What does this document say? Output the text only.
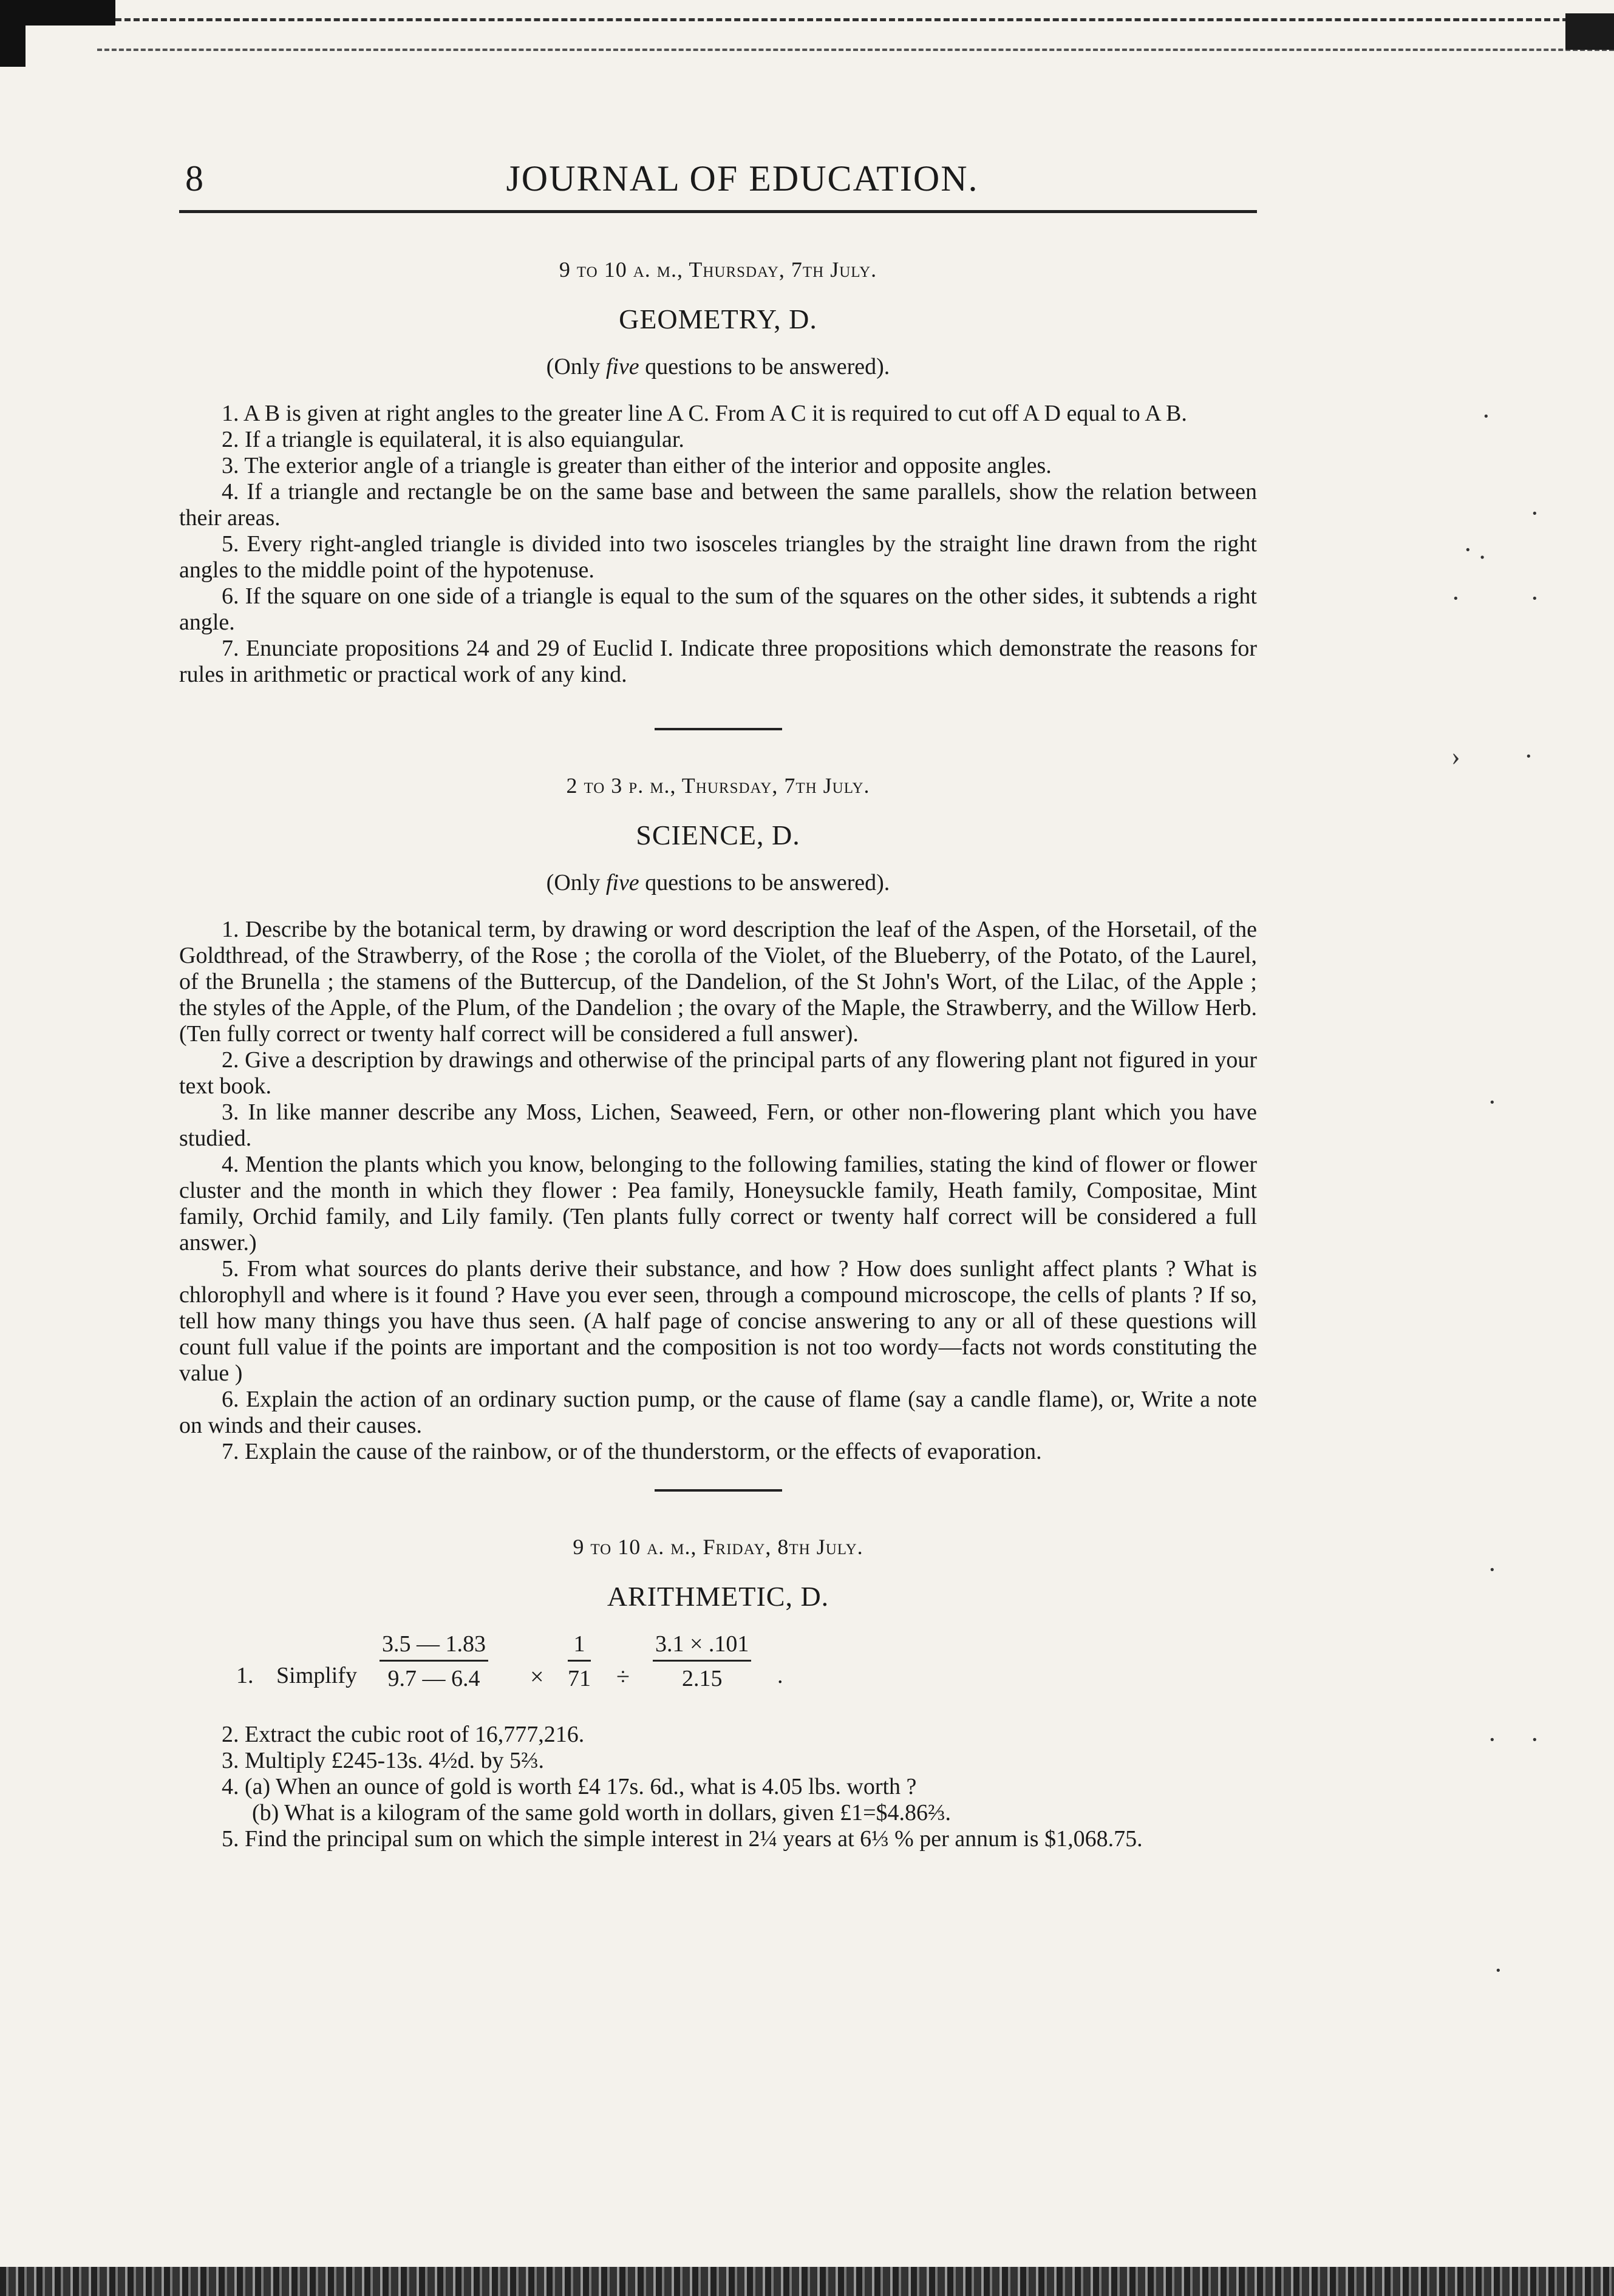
·
·
· .
·	·
› ·
·
·
· ·
·
8	JOURNAL OF EDUCATION.
9 to 10 a. m., Thursday, 7th July.
GEOMETRY, D.
(Only five questions to be answered).

1. A B is given at right angles to the greater line A C. From A C it is required to cut off A D equal to A B.

2. If a triangle is equilateral, it is also equiangular.

3. The exterior angle of a triangle is greater than either of the interior and opposite angles.

4. If a triangle and rectangle be on the same base and between the same parallels, show the relation between their areas.

5. Every right-angled triangle is divided into two isosceles triangles by the straight line drawn from the right angles to the middle point of the hypotenuse.

6. If the square on one side of a triangle is equal to the sum of the squares on the other sides, it subtends a right angle.

7. Enunciate propositions 24 and 29 of Euclid I. Indicate three propositions which demonstrate the reasons for rules in arithmetic or practical work of any kind.

2 to 3 p. m., Thursday, 7th July.
SCIENCE, D.
(Only five questions to be answered).

1. Describe by the botanical term, by drawing or word description the leaf of the Aspen, of the Horsetail, of the Goldthread, of the Strawberry, of the Rose ; the corolla of the Violet, of the Blueberry, of the Potato, of the Laurel, of the Brunella ; the stamens of the Buttercup, of the Dandelion, of the St John's Wort, of the Lilac, of the Apple ; the styles of the Apple, of the Plum, of the Dandelion ; the ovary of the Maple, the Strawberry, and the Willow Herb. (Ten fully correct or twenty half correct will be considered a full answer).

2. Give a description by drawings and otherwise of the principal parts of any flowering plant not figured in your text book.

3. In like manner describe any Moss, Lichen, Seaweed, Fern, or other non-flowering plant which you have studied.

4. Mention the plants which you know, belonging to the following families, stating the kind of flower or flower cluster and the month in which they flower : Pea family, Honeysuckle family, Heath family, Compositae, Mint family, Orchid family, and Lily family. (Ten plants fully correct or twenty half correct will be considered a full answer.)

5. From what sources do plants derive their substance, and how ? How does sunlight affect plants ? What is chlorophyll and where is it found ? Have you ever seen, through a compound microscope, the cells of plants ? If so, tell how many things you have thus seen. (A half page of concise answering to any or all of these questions will count full value if the points are important and the composition is not too wordy—facts not words constituting the value )

6. Explain the action of an ordinary suction pump, or the cause of flame (say a candle flame), or, Write a note on winds and their causes.

7. Explain the cause of the rainbow, or of the thunderstorm, or the effects of evaporation.

9 to 10 a. m., Friday, 8th July.
ARITHMETIC, D.
1. Simplify $\frac{3.5 — 1.83}{9.7 — 6.4} \times \frac{1}{71} \div \frac{3.1 \times .101}{2.15}$ .

2. Extract the cubic root of 16,777,216.

3. Multiply £245-13s. 4½d. by 5⅔.

4. (a) When an ounce of gold is worth £4 17s. 6d., what is 4.05 lbs. worth ?

(b) What is a kilogram of the same gold worth in dollars, given £1=$4.86⅔.

5. Find the principal sum on which the simple interest in 2¼ years at 6⅓ % per annum is $1,068.75.
